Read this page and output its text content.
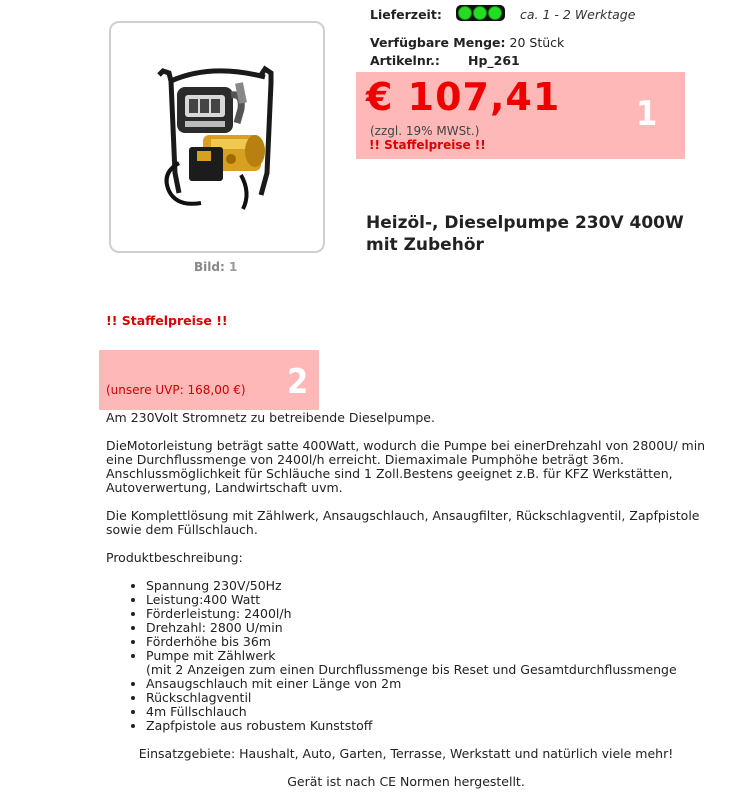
Bild: 1
Lieferzeit:	ca. 1 - 2 Werktage
Verfügbare Menge: 20 Stück
Artikelnr.: Hp_261
€ 107,41
(zzgl. 19% MWSt.)
!! Staffelpreise !!
1
Heizöl-, Dieselpumpe 230V 400W mit Zubehör
!! Staffelpreise !!
(unsere UVP: 168,00 €) 2

Am 230Volt Stromnetz zu betreibende Dieselpumpe.

DieMotorleistung beträgt satte 400Watt, wodurch die Pumpe bei einerDrehzahl von 2800U/ min eine Durchflussmenge von 2400l/h erreicht. Diemaximale Pumphöhe beträgt 36m. Anschlussmöglichkeit für Schläuche sind 1 Zoll.Bestens geeignet z.B. für KFZ Werkstätten, Autoverwertung, Landwirtschaft uvm.

Die Komplettlösung mit Zählwerk, Ansaugschlauch, Ansaugfilter, Rückschlagventil, Zapfpistole sowie dem Füllschlauch.

Produktbeschreibung:

• Spannung 230V/50Hz
• Leistung:400 Watt
• Förderleistung: 2400l/h
• Drehzahl: 2800 U/min
• Förderhöhe bis 36m
• Pumpe mit Zählwerk
(mit 2 Anzeigen zum einen Durchflussmenge bis Reset und Gesamtdurchflussmenge
• Ansaugschlauch mit einer Länge von 2m
• Rückschlagventil
• 4m Füllschlauch
• Zapfpistole aus robustem Kunststoff

Einsatzgebiete: Haushalt, Auto, Garten, Terrasse, Werkstatt und natürlich viele mehr!

Gerät ist nach CE Normen hergestellt.
